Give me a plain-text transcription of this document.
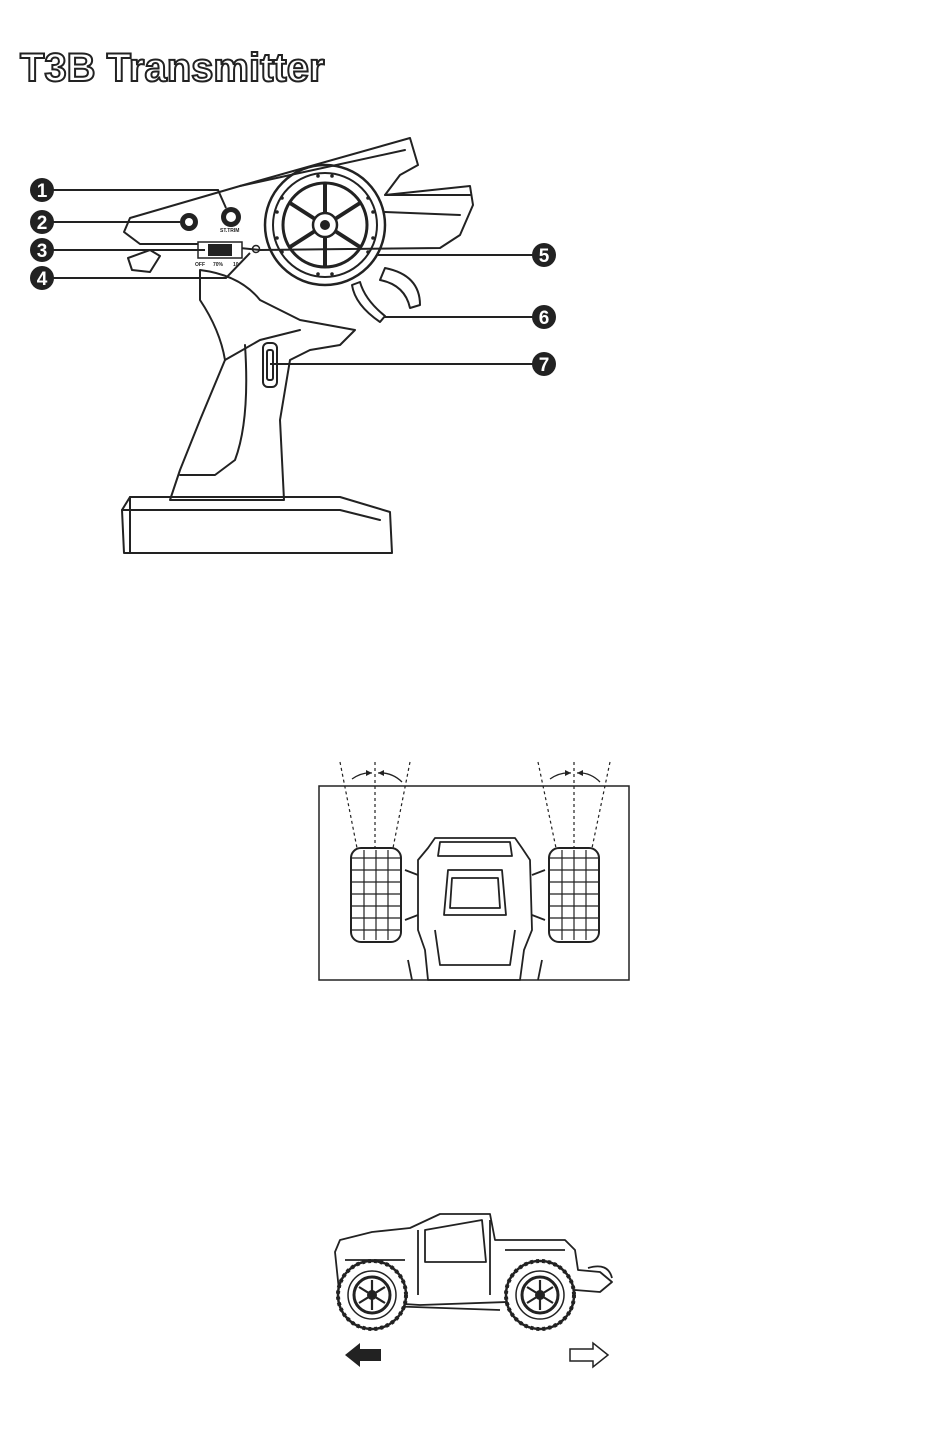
T3B Transmitter
ST.TRIM
OFF 70% 10
1
2
3
4
5
6
7
